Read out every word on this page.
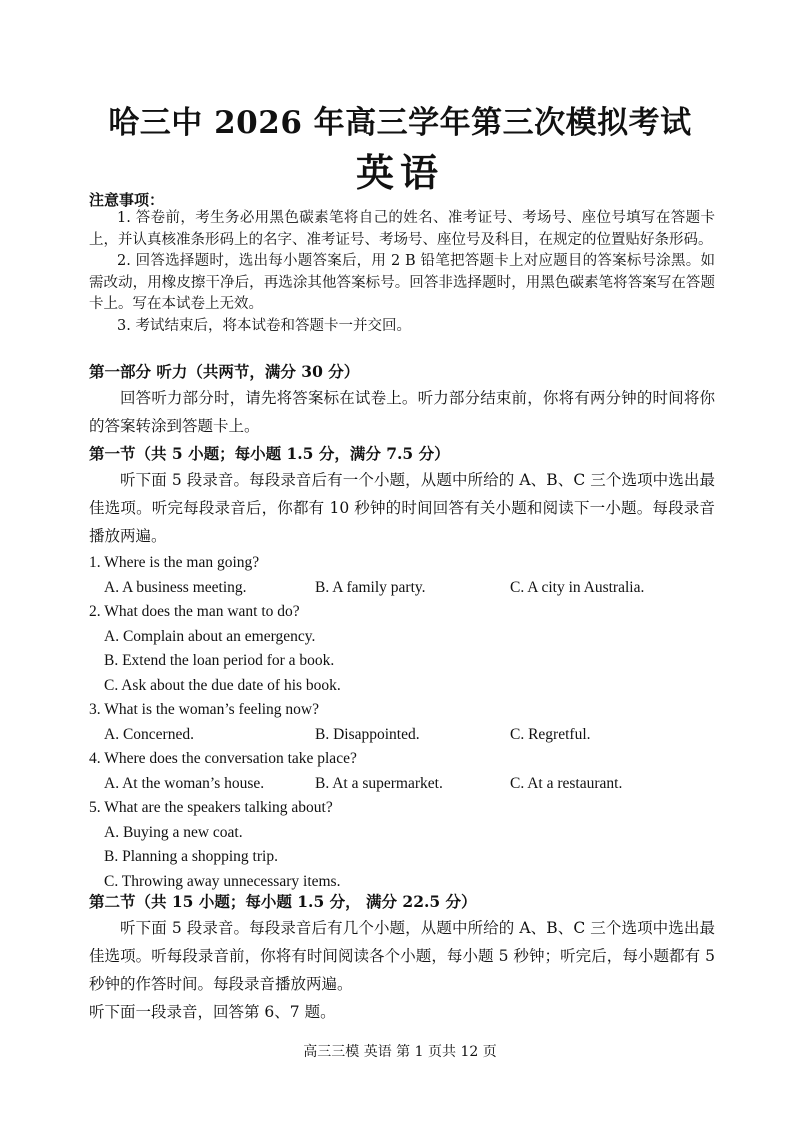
哈三中 2026 年高三学年第三次模拟考试
英语
注意事项：

1. 答卷前，考生务必用黑色碳素笔将自己的姓名、准考证号、考场号、座位号填写在答题卡上，并认真核准条形码上的名字、准考证号、考场号、座位号及科目，在规定的位置贴好条形码。

2. 回答选择题时，选出每小题答案后，用 2 B 铅笔把答题卡上对应题目的答案标号涂黑。如需改动，用橡皮擦干净后，再选涂其他答案标号。回答非选择题时，用黑色碳素笔将答案写在答题卡上。写在本试卷上无效。

3. 考试结束后，将本试卷和答题卡一并交回。

第一部分 听力（共两节，满分 30 分）

回答听力部分时，请先将答案标在试卷上。听力部分结束前，你将有两分钟的时间将你的答案转涂到答题卡上。

第一节（共 5 小题；每小题 1.5 分，满分 7.5 分）

听下面 5 段录音。每段录音后有一个小题，从题中所给的 A、B、C 三个选项中选出最佳选项。听完每段录音后，你都有 10 秒钟的时间回答有关小题和阅读下一小题。每段录音播放两遍。

1. Where is the man going?

A. A business meeting.	B. A family party.	C. A city in Australia.

2. What does the man want to do?

A. Complain about an emergency.

B. Extend the loan period for a book.

C. Ask about the due date of his book.

3. What is the woman’s feeling now?

A. Concerned.	B. Disappointed.	C. Regretful.

4. Where does the conversation take place?

A. At the woman’s house.	B. At a supermarket.	C. At a restaurant.

5. What are the speakers talking about?

A. Buying a new coat.

B. Planning a shopping trip.

C. Throwing away unnecessary items.

第二节（共 15 小题；每小题 1.5 分， 满分 22.5 分）

听下面 5 段录音。每段录音后有几个小题，从题中所给的 A、B、C 三个选项中选出最佳选项。听每段录音前，你将有时间阅读各个小题，每小题 5 秒钟；听完后，每小题都有 5 秒钟的作答时间。每段录音播放两遍。

听下面一段录音，回答第 6、7 题。
高三三模 英语 第 1 页共 12 页
